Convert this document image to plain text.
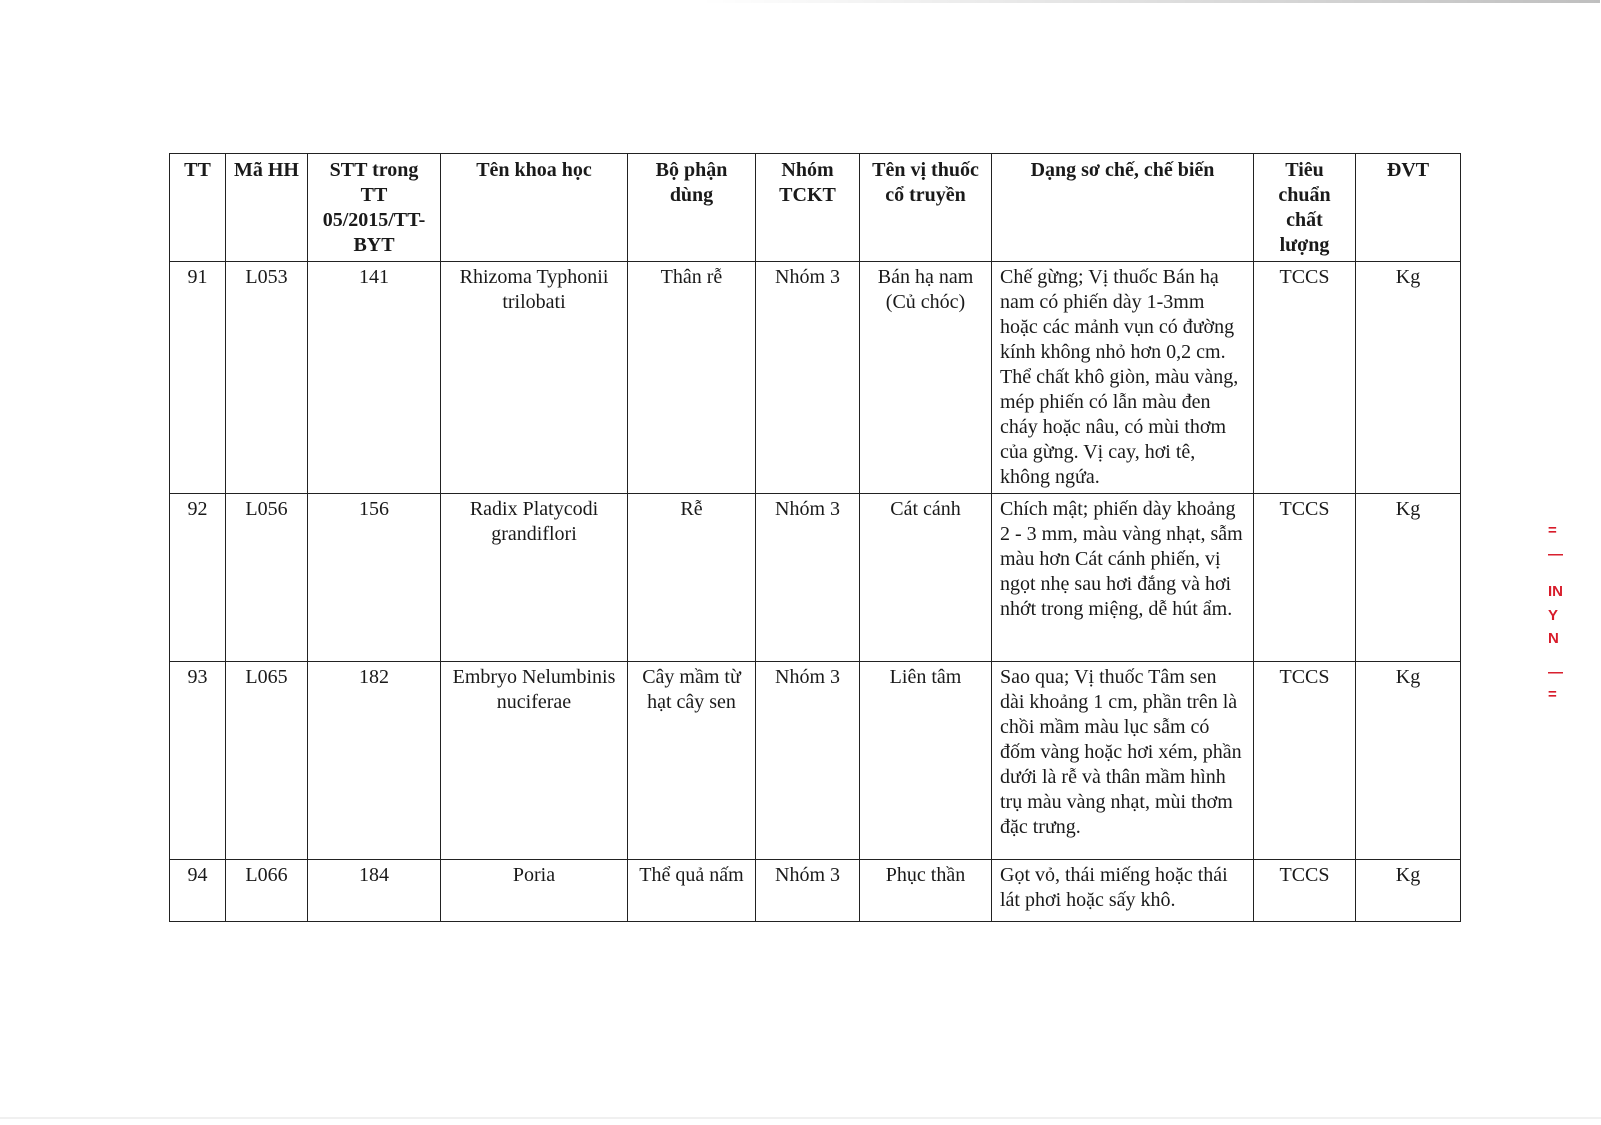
TT	Mã HH	STT trong TT 05/2015/TT-BYT	Tên khoa học	Bộ phận dùng	Nhóm TCKT	Tên vị thuốc cổ truyền	Dạng sơ chế, chế biến	Tiêu chuẩn chất lượng	ĐVT
91	L053	141	Rhizoma Typhonii trilobati	Thân rễ	Nhóm 3	Bán hạ nam (Củ chóc)	Chế gừng; Vị thuốc Bán hạ nam có phiến dày 1-3mm hoặc các mảnh vụn có đường kính không nhỏ hơn 0,2 cm. Thể chất khô giòn, màu vàng, mép phiến có lẫn màu đen cháy hoặc nâu, có mùi thơm của gừng. Vị cay, hơi tê, không ngứa.	TCCS	Kg
92	L056	156	Radix Platycodi grandiflori	Rễ	Nhóm 3	Cát cánh	Chích mật; phiến dày khoảng 2 - 3 mm, màu vàng nhạt, sẫm màu hơn Cát cánh phiến, vị ngọt nhẹ sau hơi đắng và hơi nhớt trong miệng, dễ hút ẩm.	TCCS	Kg
93	L065	182	Embryo Nelumbinis nuciferae	Cây mầm từ hạt cây sen	Nhóm 3	Liên tâm	Sao qua; Vị thuốc Tâm sen dài khoảng 1 cm, phần trên là chồi mầm màu lục sẫm có đốm vàng hoặc hơi xém, phần dưới là rễ và thân mầm hình trụ màu vàng nhạt, mùi thơm đặc trưng.	TCCS	Kg
94	L066	184	Poria	Thể quả nấm	Nhóm 3	Phục thần	Gọt vỏ, thái miếng hoặc thái lát phơi hoặc sấy khô.	TCCS	Kg
=
—
IN
Y
N
—
=
